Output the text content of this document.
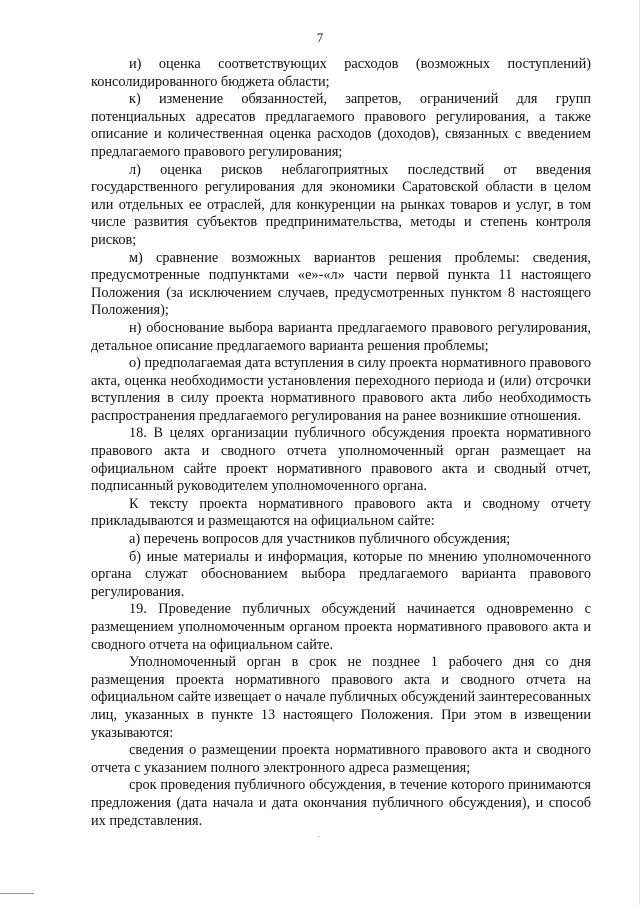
7

и) оценка соответствующих расходов (возможных поступлений) консолидированного бюджета области;

к) изменение обязанностей, запретов, ограничений для групп потенциальных адресатов предлагаемого правового регулирования, а также описание и количественная оценка расходов (доходов), связанных с введением предлагаемого правового регулирования;

л) оценка рисков неблагоприятных последствий от введения государственного регулирования для экономики Саратовской области в целом или отдельных ее отраслей, для конкуренции на рынках товаров и услуг, в том числе развития субъектов предпринимательства, методы и степень контроля рисков;

м) сравнение возможных вариантов решения проблемы: сведения, предусмотренные подпунктами «е»-«л» части первой пункта 11 настоящего Положения (за исключением случаев, предусмотренных пунктом 8 настоящего Положения);

н) обоснование выбора варианта предлагаемого правового регулирования, детальное описание предлагаемого варианта решения проблемы;

о) предполагаемая дата вступления в силу проекта нормативного правового акта, оценка необходимости установления переходного периода и (или) отсрочки вступления в силу проекта нормативного правового акта либо необходимость распространения предлагаемого регулирования на ранее возникшие отношения.

18. В целях организации публичного обсуждения проекта нормативного правового акта и сводного отчета уполномоченный орган размещает на официальном сайте проект нормативного правового акта и сводный отчет, подписанный руководителем уполномоченного органа.

К тексту проекта нормативного правового акта и сводному отчету прикладываются и размещаются на официальном сайте:

а) перечень вопросов для участников публичного обсуждения;

б) иные материалы и информация, которые по мнению уполномоченного органа служат обоснованием выбора предлагаемого варианта правового регулирования.

19. Проведение публичных обсуждений начинается одновременно с размещением уполномоченным органом проекта нормативного правового акта и сводного отчета на официальном сайте.

Уполномоченный орган в срок не позднее 1 рабочего дня со дня размещения проекта нормативного правового акта и сводного отчета на официальном сайте извещает о начале публичных обсуждений заинтересованных лиц, указанных в пункте 13 настоящего Положения. При этом в извещении указываются:

сведения о размещении проекта нормативного правового акта и сводного отчета с указанием полного электронного адреса размещения;

срок проведения публичного обсуждения, в течение которого принимаются предложения (дата начала и дата окончания публичного обсуждения), и способ их представления.
